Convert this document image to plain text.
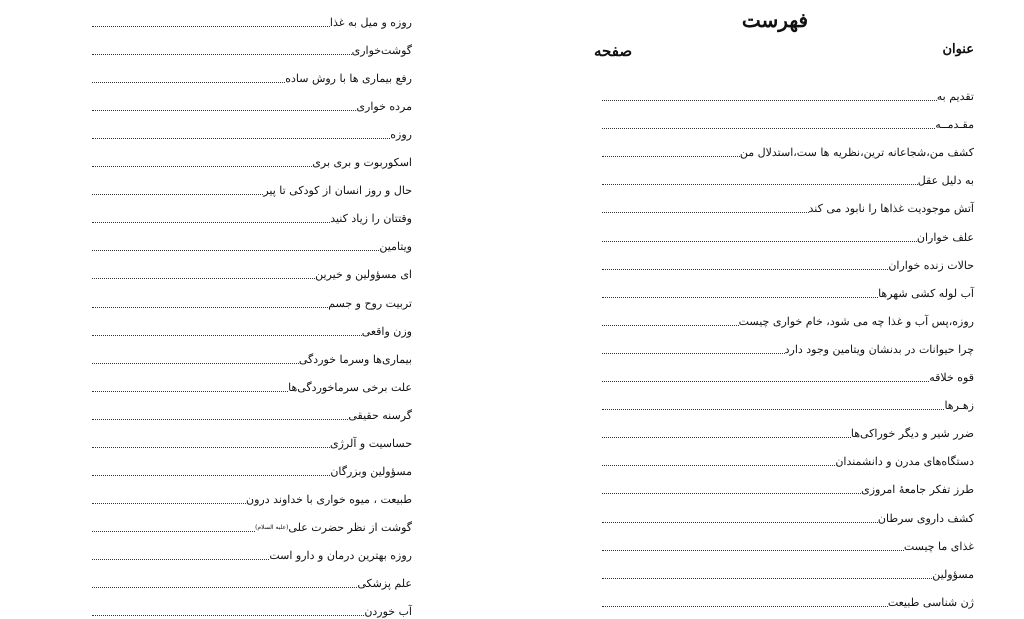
فهرست
عنوان
صفحه
تقدیم به
مقـدمــه
کشف من،شجاعانه ترین،نظریه ها ست،استدلال من
به دلیل عقل
آتش موجودیت غذاها را نابود می کند
علف خواران
حالات زنده خواران
آب لوله کشی شهرها
روزه،پس آب و غذا چه می شود، خام خواری چیست
چرا حیوانات در بدنشان ویتامین وجود دارد
قوه خلاقه
زهـرها
ضرر شیر و دیگر خوراکی‌ها
دستگاه‌های مدرن و دانشمندان
طرز تفکر جامعهٔ امروزی
کشف داروی سرطان
غذای ما چیست
مسؤولین
ژن شناسی طبیعت
روزه و میل به غذا
گوشت‌خواری
رفع بیماری ها با روش ساده
مرده خواری
روزه
اسکوربوت و بری بری
حال و روز انسان از کودکی تا پیر
وقتتان را زیاد کنید
ویتامین
ای مسؤولین و خیرین
تربیت روح و جسم
وزن واقعی
بیماری‌ها وسرما خوردگی
علت برخی سرماخوردگی‌ها
گرسنه حقیقی
حساسیت و آلرژی
مسؤولین وبزرگان
طبیعت ، میوه خواری با خداوند درون
گوشت از نظر حضرت علی
(علیه السلام)
روزه بهترین درمان و دارو است
علم پزشکی
آب خوردن
